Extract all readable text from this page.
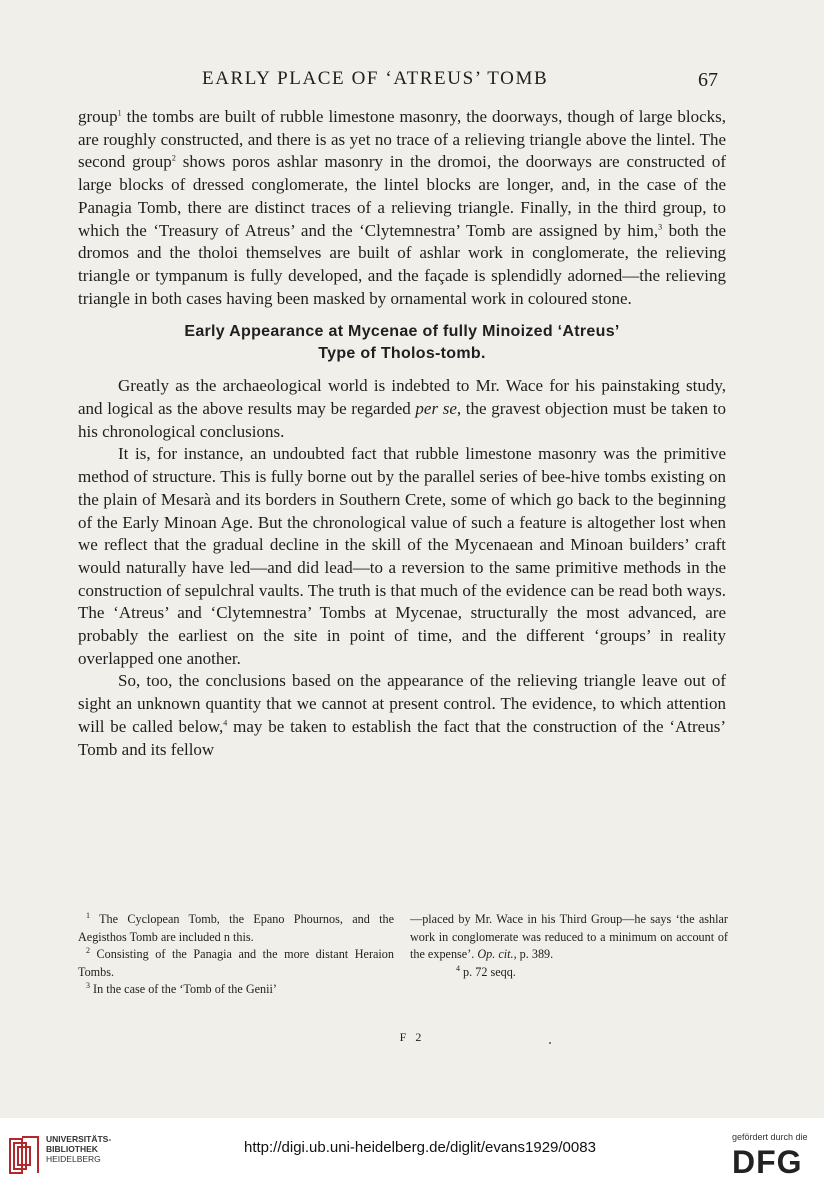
EARLY PLACE OF ‘ATREUS’ TOMB	67

group$^1$ the tombs are built of rubble limestone masonry, the doorways, though of large blocks, are roughly constructed, and there is as yet no trace of a relieving triangle above the lintel. The second group$^2$ shows poros ashlar masonry in the dromoi, the doorways are constructed of large blocks of dressed conglomerate, the lintel blocks are longer, and, in the case of the Panagia Tomb, there are distinct traces of a relieving triangle. Finally, in the third group, to which the ‘Treasury of Atreus’ and the ‘Clytemnestra’ Tomb are assigned by him,$^3$ both the dromos and the tholoi themselves are built of ashlar work in conglomerate, the relieving triangle or tympanum is fully developed, and the façade is splendidly adorned—the relieving triangle in both cases having been masked by ornamental work in coloured stone.

Early Appearance at Mycenae of fully Minoized ‘Atreus’
Type of Tholos-tomb.

Greatly as the archaeological world is indebted to Mr. Wace for his painstaking study, and logical as the above results may be regarded per se, the gravest objection must be taken to his chronological conclusions.

It is, for instance, an undoubted fact that rubble limestone masonry was the primitive method of structure. This is fully borne out by the parallel series of bee-hive tombs existing on the plain of Mesarà and its borders in Southern Crete, some of which go back to the beginning of the Early Minoan Age. But the chronological value of such a feature is altogether lost when we reflect that the gradual decline in the skill of the Mycenaean and Minoan builders’ craft would naturally have led—and did lead—to a reversion to the same primitive methods in the construction of sepulchral vaults. The truth is that much of the evidence can be read both ways. The ‘Atreus’ and ‘Clytemnestra’ Tombs at Mycenae, structurally the most advanced, are probably the earliest on the site in point of time, and the different ‘groups’ in reality overlapped one another.

So, too, the conclusions based on the appearance of the relieving triangle leave out of sight an unknown quantity that we cannot at present control. The evidence, to which attention will be called below,$^4$ may be taken to establish the fact that the construction of the ‘Atreus’ Tomb and its fellow

$^1$ The Cyclopean Tomb, the Epano Phournos, and the Aegisthos Tomb are included n this.

$^2$ Consisting of the Panagia and the more distant Heraion Tombs.

$^3$ In the case of the ‘Tomb of the Genii’

—placed by Mr. Wace in his Third Group—he says ‘the ashlar work in conglomerate was reduced to a minimum on account of the expense’. Op. cit., p. 389.

$^4$ p. 72 seqq.

F 2
UNIVERSITÄTS-
BIBLIOTHEK
HEIDELBERG
http://digi.ub.uni-heidelberg.de/diglit/evans1929/0083
gefördert durch die
DFG
